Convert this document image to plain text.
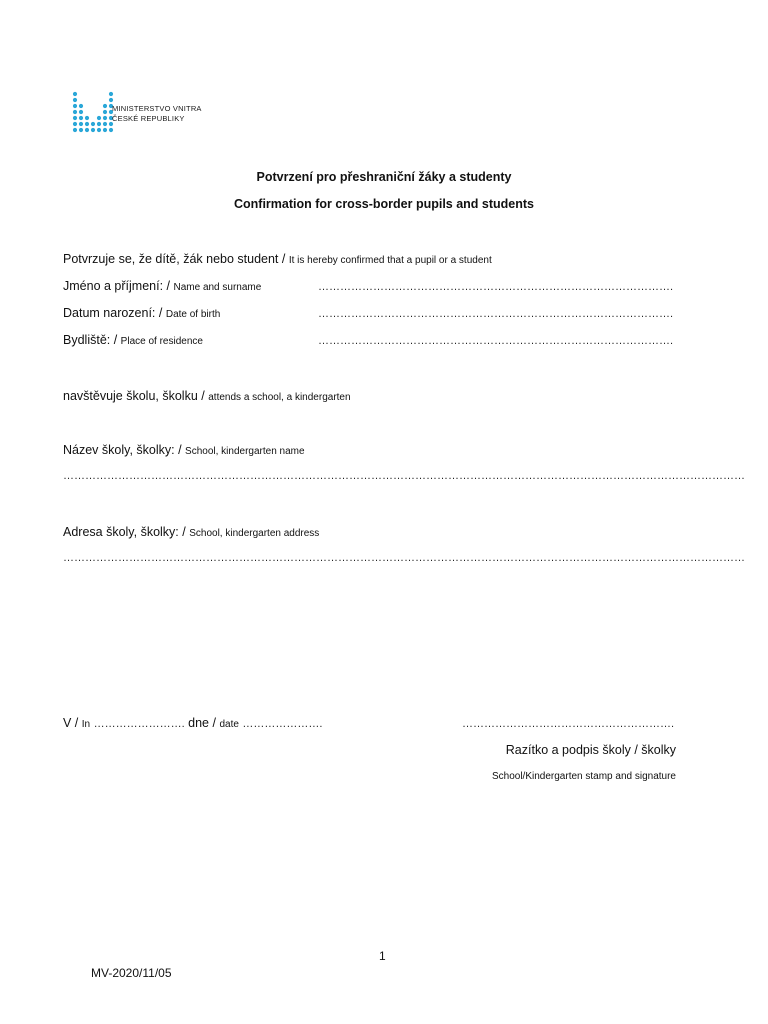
MINISTERSTVO VNITRA
ČESKÉ REPUBLIKY
Potvrzení pro přeshraniční žáky a studenty
Confirmation for cross-border pupils and students
Potvrzuje se, že dítě, žák nebo student / It is hereby confirmed that a pupil or a student
Jméno a příjmení: / Name and surname	…………………………………………………………………………………….
Datum narození: / Date of birth	…………………………………………………………………………………….
Bydliště: / Place of residence	…………………………………………………………………………………….
navštěvuje školu, školku / attends a school, a kindergarten
Název školy, školky: / School, kindergarten name
……………………………………………………………………………………………………………………………………………………………………
Adresa školy, školky: / School, kindergarten address
……………………………………………………………………………………………………………………………………………………………………
V / In ……………………. dne / date ………………….	………………………………………………….
Razítko a podpis školy / školky
School/Kindergarten stamp and signature
1
MV-2020/11/05
